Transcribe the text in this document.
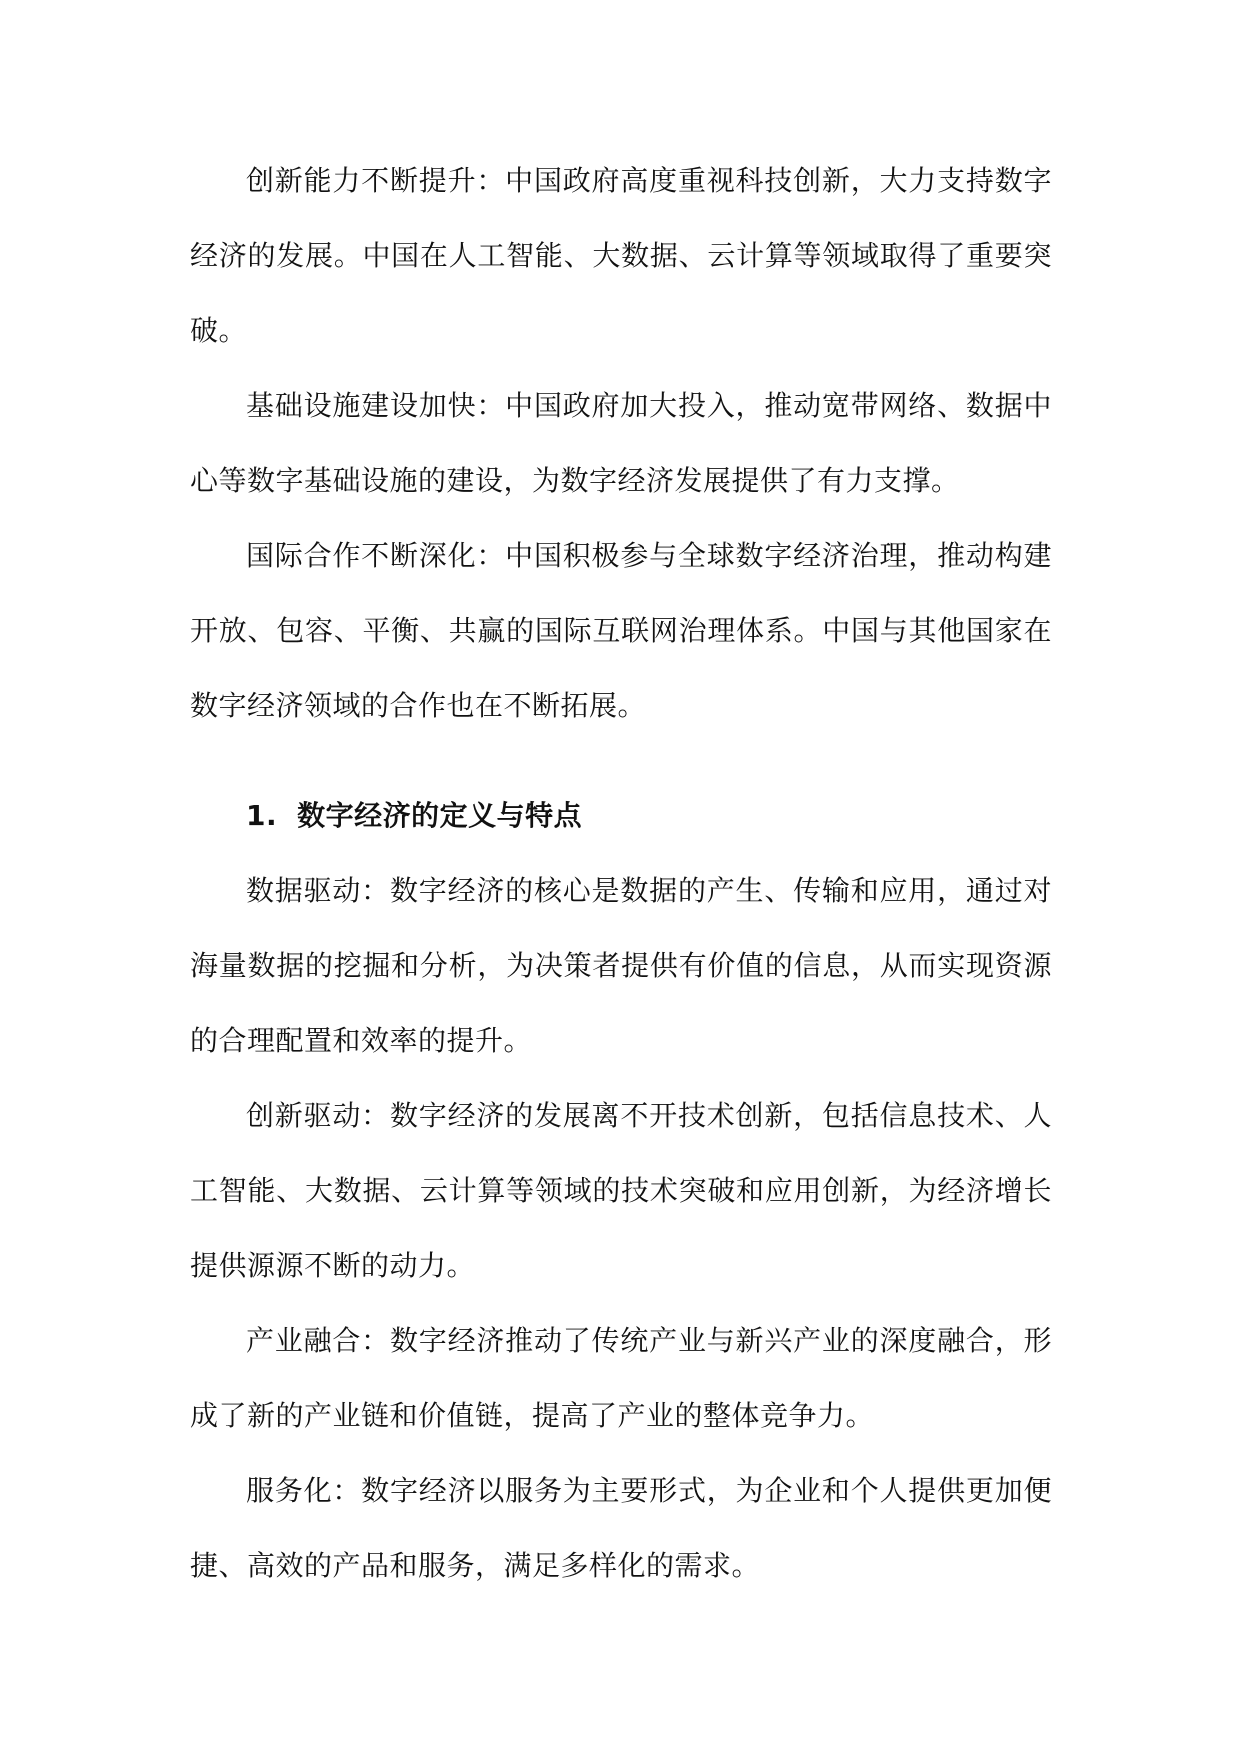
创新能力不断提升：中国政府高度重视科技创新，大力支持数字经济的发展。中国在人工智能、大数据、云计算等领域取得了重要突破。

基础设施建设加快：中国政府加大投入，推动宽带网络、数据中心等数字基础设施的建设，为数字经济发展提供了有力支撑。

国际合作不断深化：中国积极参与全球数字经济治理，推动构建开放、包容、平衡、共赢的国际互联网治理体系。中国与其他国家在数字经济领域的合作也在不断拓展。

1. 数字经济的定义与特点

数据驱动：数字经济的核心是数据的产生、传输和应用，通过对海量数据的挖掘和分析，为决策者提供有价值的信息，从而实现资源的合理配置和效率的提升。

创新驱动：数字经济的发展离不开技术创新，包括信息技术、人工智能、大数据、云计算等领域的技术突破和应用创新，为经济增长提供源源不断的动力。

产业融合：数字经济推动了传统产业与新兴产业的深度融合，形成了新的产业链和价值链，提高了产业的整体竞争力。

服务化：数字经济以服务为主要形式，为企业和个人提供更加便捷、高效的产品和服务，满足多样化的需求。
